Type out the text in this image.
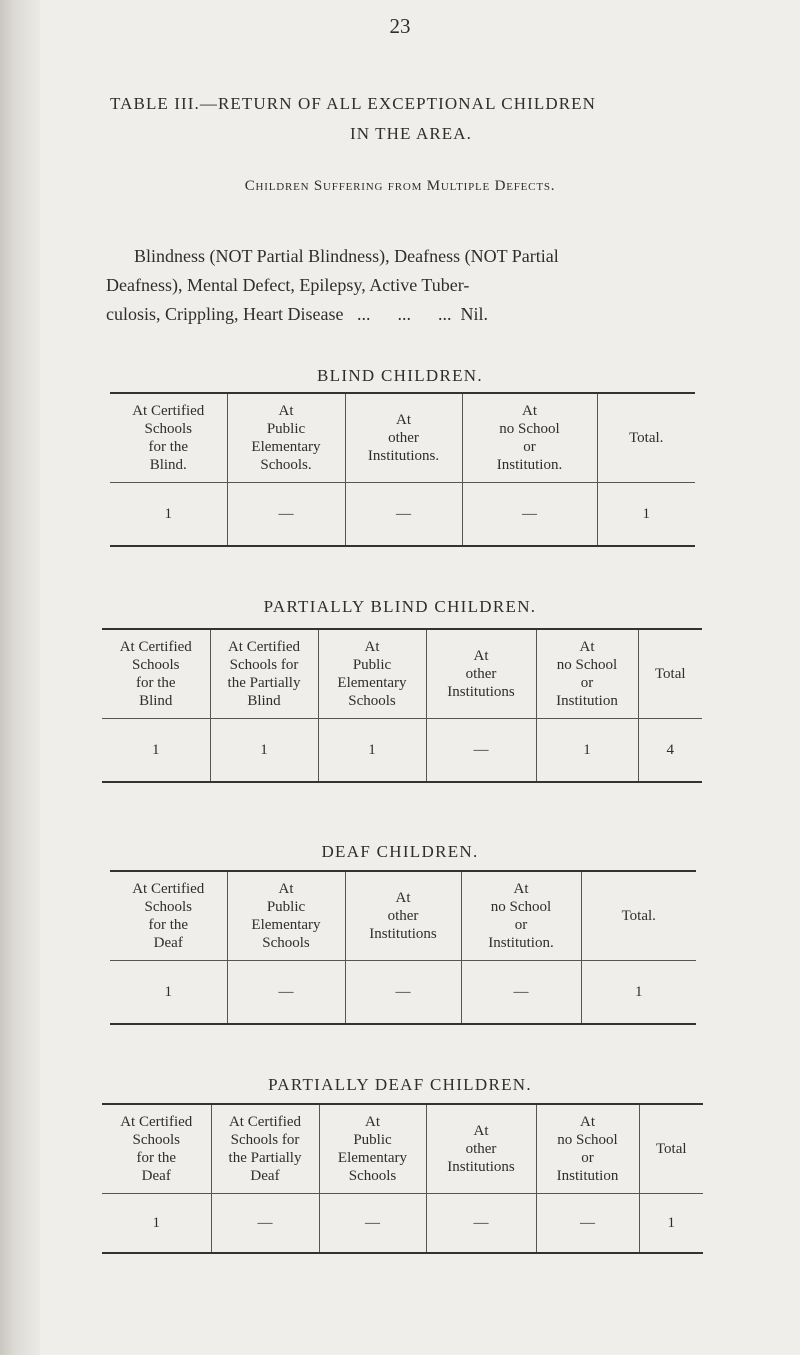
23
TABLE III.—RETURN OF ALL EXCEPTIONAL CHILDREN
IN THE AREA.
Children Suffering from Multiple Defects.
Blindness (NOT Partial Blindness), Deafness (NOT Partial
Deafness), Mental Defect, Epilepsy, Active Tuber-
culosis, Crippling, Heart Disease   ...      ...      ...  Nil.
BLIND CHILDREN.
At Certified
Schools
for the
Blind.	At
Public
Elementary
Schools.	At
other
Institutions.	At
no School
or
Institution.	Total.

1	—	—	—	1
PARTIALLY BLIND CHILDREN.
At Certified
Schools
for the
Blind	At Certified
Schools for
the Partially
Blind	At
Public
Elementary
Schools	At
other
Institutions	At
no School
or
Institution	Total

1	1	1	—	1	4
DEAF CHILDREN.
At Certified
Schools
for the
Deaf	At
Public
Elementary
Schools	At
other
Institutions	At
no School
or
Institution.	Total.

1	—	—	—	1
PARTIALLY DEAF CHILDREN.
At Certified
Schools
for the
Deaf	At Certified
Schools for
the Partially
Deaf	At
Public
Elementary
Schools	At
other
Institutions	At
no School
or
Institution	Total

1	—	—	—	—	1
